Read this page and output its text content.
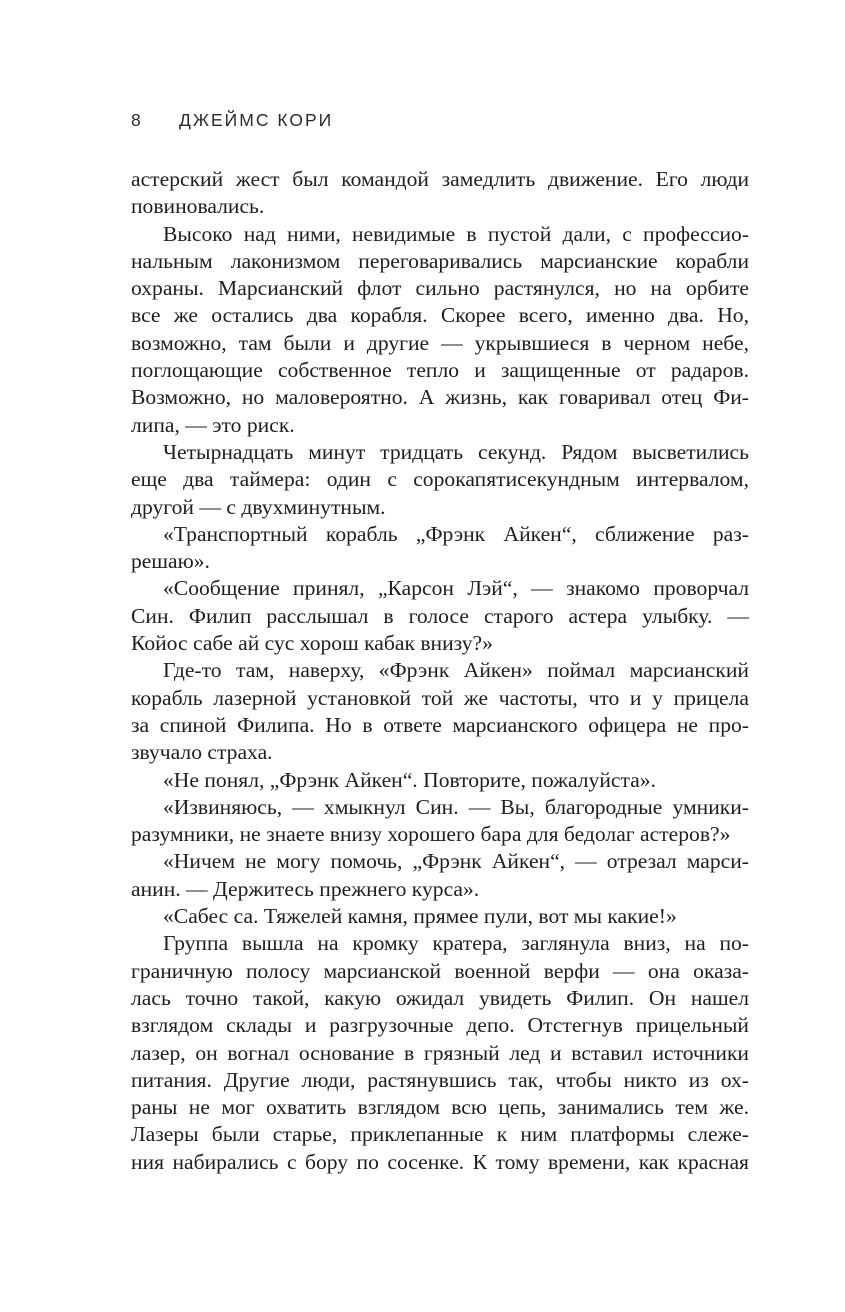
8	ДЖЕЙМС КОРИ

астерский жест был командой замедлить движение. Его люди
повиновались.

Высоко над ними, невидимые в пустой дали, с профессио-
нальным лаконизмом переговаривались марсианские корабли
охраны. Марсианский флот сильно растянулся, но на орбите
все же остались два корабля. Скорее всего, именно два. Но,
возможно, там были и другие — укрывшиеся в черном небе,
поглощающие собственное тепло и защищенные от радаров.
Возможно, но маловероятно. А жизнь, как говаривал отец Фи-
липа, — это риск.

Четырнадцать минут тридцать секунд. Рядом высветились
еще два таймера: один с сорокапятисекундным интервалом,
другой — с двухминутным.

«Транспортный корабль „Фрэнк Айкен“, сближение раз-
решаю».

«Сообщение принял, „Карсон Лэй“, — знакомо проворчал
Син. Филип расслышал в голосе старого астера улыбку. —
Койос сабе ай сус хорош кабак внизу?»

Где-то там, наверху, «Фрэнк Айкен» поймал марсианский
корабль лазерной установкой той же частоты, что и у прицела
за спиной Филипа. Но в ответе марсианского офицера не про-
звучало страха.

«Не понял, „Фрэнк Айкен“. Повторите, пожалуйста».

«Извиняюсь, — хмыкнул Син. — Вы, благородные умники-
разумники, не знаете внизу хорошего бара для бедолаг астеров?»

«Ничем не могу помочь, „Фрэнк Айкен“, — отрезал марси-
анин. — Держитесь прежнего курса».

«Сабес са. Тяжелей камня, прямее пули, вот мы какие!»

Группа вышла на кромку кратера, заглянула вниз, на по-
граничную полосу марсианской военной верфи — она оказа-
лась точно такой, какую ожидал увидеть Филип. Он нашел
взглядом склады и разгрузочные депо. Отстегнув прицельный
лазер, он вогнал основание в грязный лед и вставил источники
питания. Другие люди, растянувшись так, чтобы никто из ох-
раны не мог охватить взглядом всю цепь, занимались тем же.
Лазеры были старье, приклепанные к ним платформы слеже-
ния набирались с бору по сосенке. К тому времени, как красная
